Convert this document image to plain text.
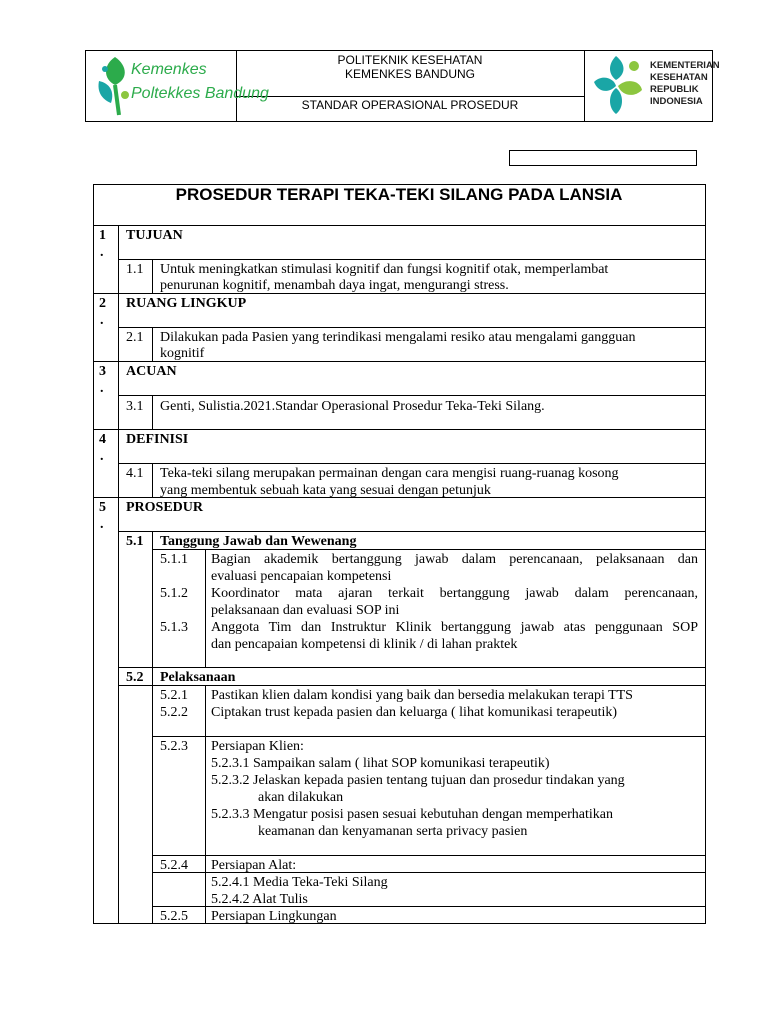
Kemenkes
Poltekkes Bandung
POLITEKNIK KESEHATAN
KEMENKES BANDUNG
STANDAR OPERASIONAL PROSEDUR
KEMENTERIAN
KESEHATAN
REPUBLIK
INDONESIA
PROSEDUR TERAPI TEKA-TEKI SILANG PADA LANSIA
1
.
TUJUAN
1.1 Untuk meningkatkan stimulasi kognitif dan fungsi kognitif otak, memperlambat
penurunan kognitif, menambah daya ingat, mengurangi stress.
2
.
RUANG LINGKUP
2.1 Dilakukan pada Pasien yang terindikasi mengalami resiko atau mengalami gangguan
kognitif
3
.
ACUAN
3.1 Genti, Sulistia.2021.Standar Operasional Prosedur Teka-Teki Silang.
4
.
DEFINISI
4.1 Teka-teki silang merupakan permainan dengan cara mengisi ruang-ruanag kosong
yang membentuk sebuah kata yang sesuai dengan petunjuk
5
.
PROSEDUR
5.1 Tanggung Jawab dan Wewenang
5.1.1 Bagian akademik bertanggung jawab dalam perencanaan, pelaksanaan dan
evaluasi pencapaian kompetensi
5.1.2 Koordinator mata ajaran terkait bertanggung jawab dalam perencanaan,
pelaksanaan dan evaluasi SOP ini
5.1.3 Anggota Tim dan Instruktur Klinik bertanggung jawab atas penggunaan SOP
dan pencapaian kompetensi di klinik / di lahan praktek
5.2 Pelaksanaan
5.2.1 Pastikan klien dalam kondisi yang baik dan bersedia melakukan terapi TTS
5.2.2 Ciptakan trust kepada pasien dan keluarga ( lihat komunikasi terapeutik)
5.2.3 Persiapan Klien:
5.2.3.1 Sampaikan salam ( lihat SOP komunikasi terapeutik)
5.2.3.2 Jelaskan kepada pasien tentang tujuan dan prosedur tindakan yang
akan dilakukan
5.2.3.3 Mengatur posisi pasen sesuai kebutuhan dengan memperhatikan
keamanan dan kenyamanan serta privacy pasien
5.2.4 Persiapan Alat:
5.2.4.1 Media Teka-Teki Silang
5.2.4.2 Alat Tulis
5.2.5 Persiapan Lingkungan
